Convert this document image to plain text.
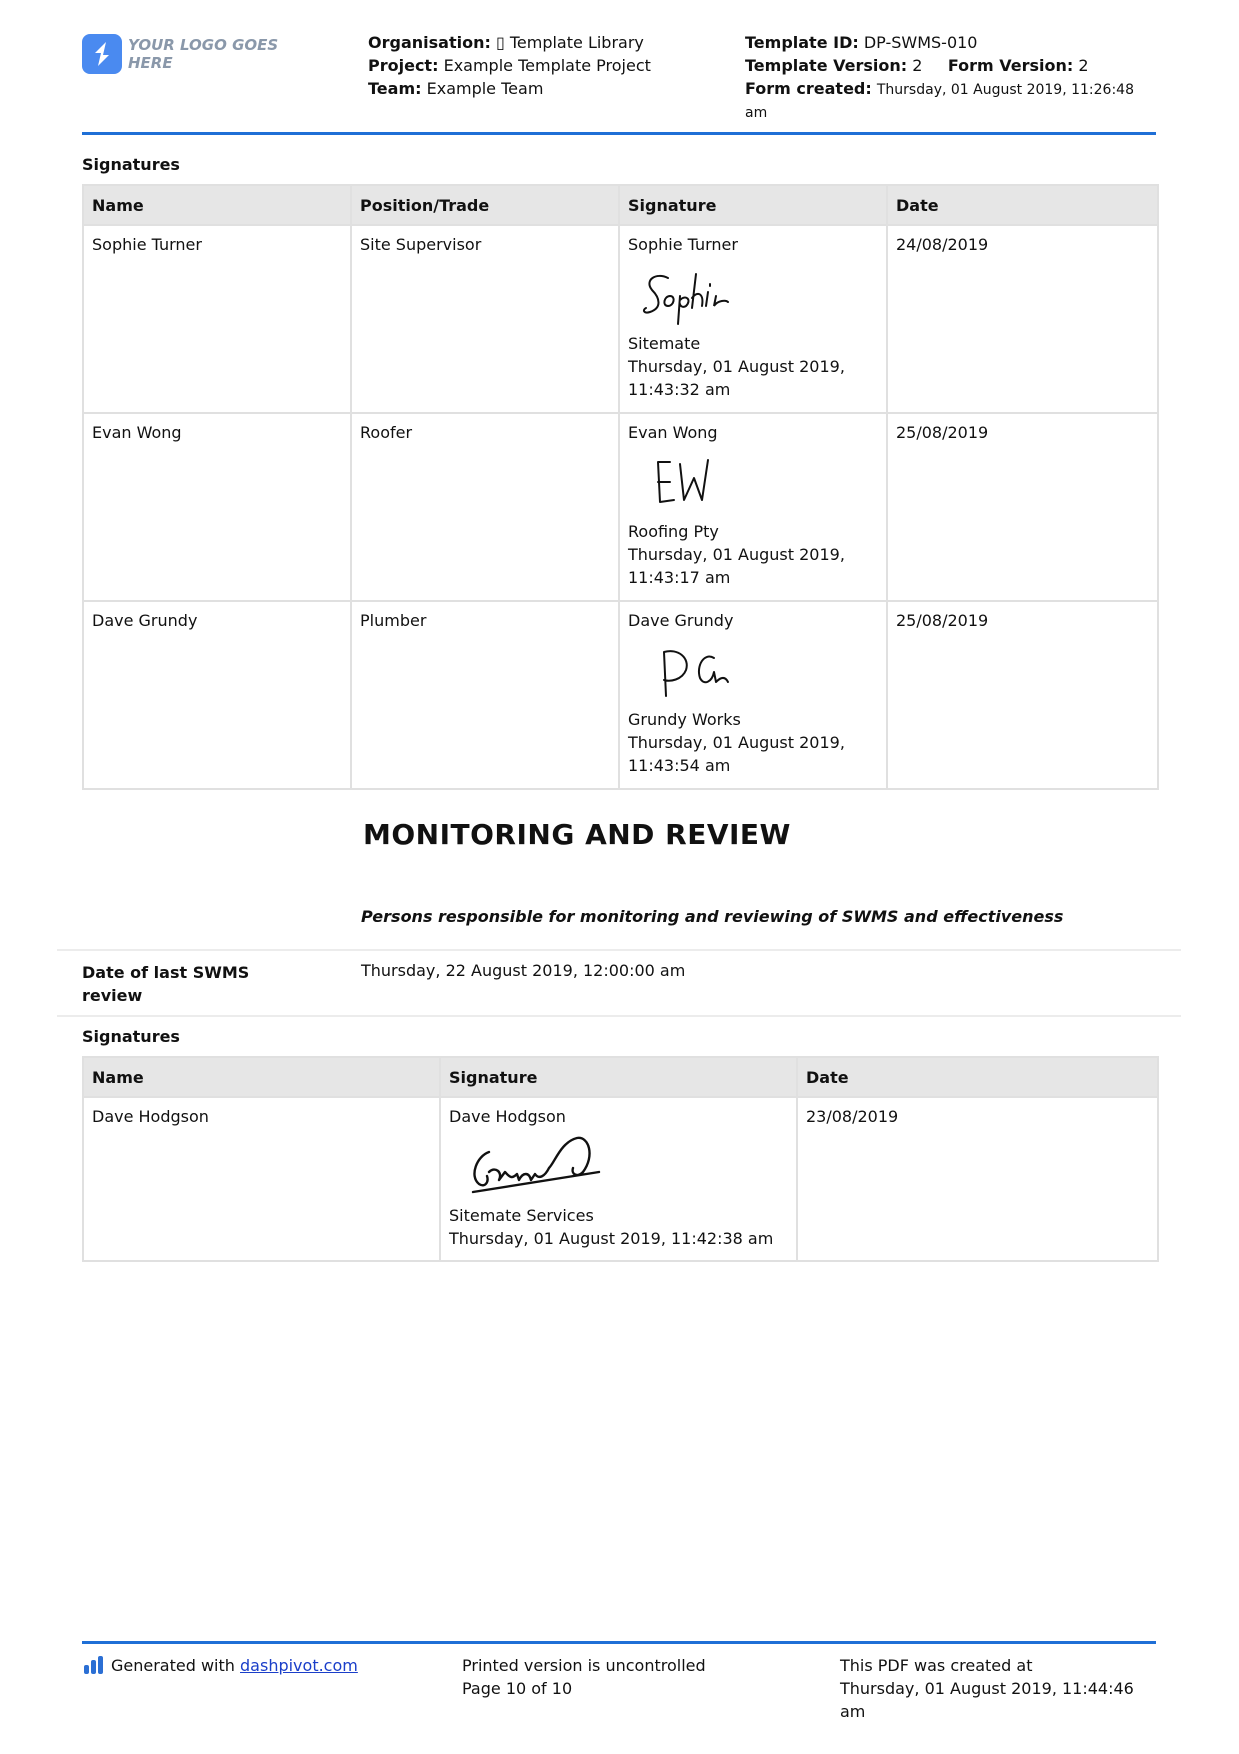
YOUR LOGO GOES HERE
Organisation: ▯ Template Library
Project: Example Template Project
Team: Example Team
Template ID: DP-SWMS-010
Template Version: 2 Form Version: 2
Form created: Thursday, 01 August 2019, 11:26:48
am
Signatures
Name	Position/Trade	Signature	Date
Sophie Turner	Site Supervisor	Sophie Turner
Sitemate
Thursday, 01 August 2019,
11:43:32 am	24/08/2019
Evan Wong	Roofer	Evan Wong
Roofing Pty
Thursday, 01 August 2019,
11:43:17 am	25/08/2019
Dave Grundy	Plumber	Dave Grundy
Grundy Works
Thursday, 01 August 2019,
11:43:54 am	25/08/2019
MONITORING AND REVIEW
Persons responsible for monitoring and reviewing of SWMS and effectiveness
Date of last SWMS
review
Thursday, 22 August 2019, 12:00:00 am
Signatures
Name	Signature	Date
Dave Hodgson	Dave Hodgson
Sitemate Services
Thursday, 01 August 2019, 11:42:38 am	23/08/2019
Generated with dashpivot.com	Printed version is uncontrolled
Page 10 of 10
This PDF was created at
Thursday, 01 August 2019, 11:44:46
am
